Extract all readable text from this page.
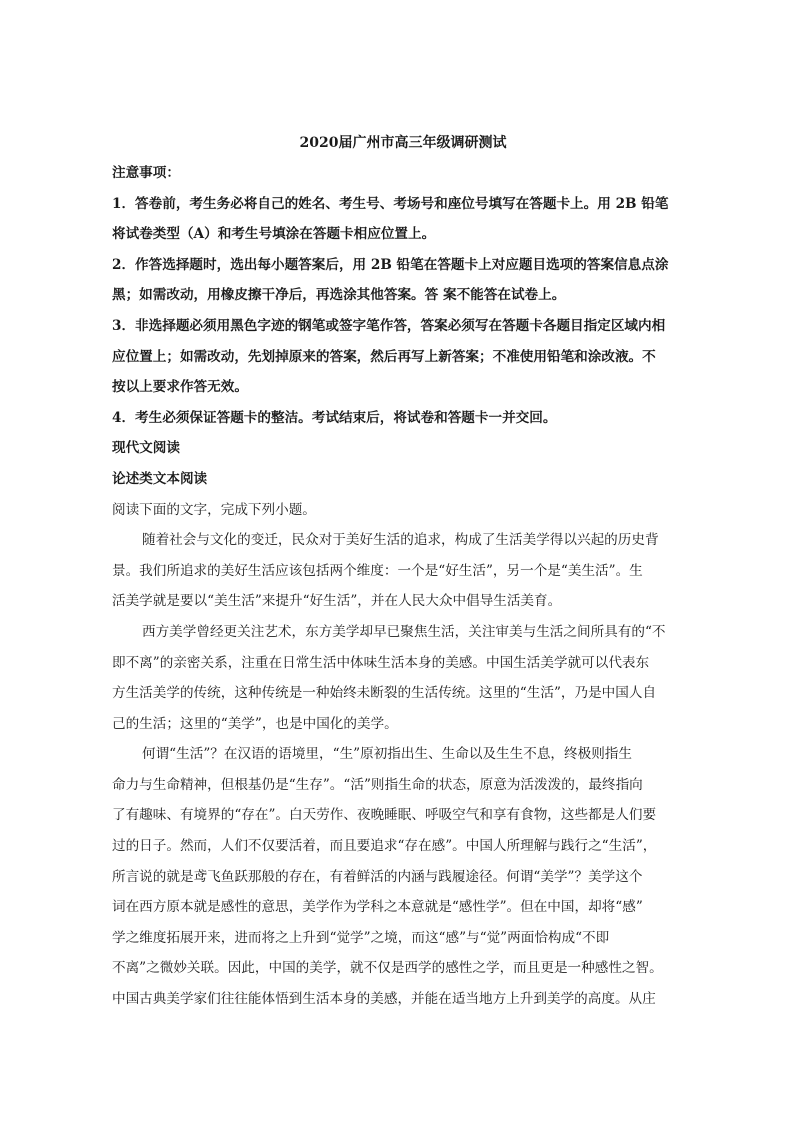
2020届广州市高三年级调研测试
注意事项：
1．答卷前，考生务必将自己的姓名、考生号、考场号和座位号填写在答题卡上。用 2B 铅笔
将试卷类型（A）和考生号填涂在答题卡相应位置上。
2．作答选择题时，选出每小题答案后，用 2B 铅笔在答题卡上对应题目选项的答案信息点涂
黑；如需改动，用橡皮擦干净后，再选涂其他答案。答 案不能答在试卷上。
3．非选择题必须用黑色字迹的钢笔或签字笔作答，答案必须写在答题卡各题目指定区域内相
应位置上；如需改动，先划掉原来的答案，然后再写上新答案；不准使用铅笔和涂改液。不
按以上要求作答无效。
4．考生必须保证答题卡的整洁。考试结束后，将试卷和答题卡一并交回。
现代文阅读
论述类文本阅读
阅读下面的文字，完成下列小题。
随着社会与文化的变迁，民众对于美好生活的追求，构成了生活美学得以兴起的历史背
景。我们所追求的美好生活应该包括两个维度：一个是“好生活”，另一个是“美生活”。生
活美学就是要以“美生活”来提升“好生活”，并在人民大众中倡导生活美育。
西方美学曾经更关注艺术，东方美学却早已聚焦生活，关注审美与生活之间所具有的“不
即不离”的亲密关系，注重在日常生活中体味生活本身的美感。中国生活美学就可以代表东
方生活美学的传统，这种传统是一种始终未断裂的生活传统。这里的“生活”，乃是中国人自
己的生活；这里的“美学”，也是中国化的美学。
何谓“生活”？在汉语的语境里，“生”原初指出生、生命以及生生不息，终极则指生
命力与生命精神，但根基仍是“生存”。“活”则指生命的状态，原意为活泼泼的，最终指向
了有趣味、有境界的“存在”。白天劳作、夜晚睡眠、呼吸空气和享有食物，这些都是人们要
过的日子。然而，人们不仅要活着，而且要追求“存在感”。中国人所理解与践行之“生活”，
所言说的就是鸢飞鱼跃那般的存在，有着鲜活的内涵与践履途径。何谓“美学”？美学这个
词在西方原本就是感性的意思，美学作为学科之本意就是“感性学”。但在中国，却将“感”
学之维度拓展开来，进而将之上升到“觉学”之境，而这“感”与“觉”两面恰构成“不即
不离”之微妙关联。因此，中国的美学，就不仅是西学的感性之学，而且更是一种感性之智。
中国古典美学家们往往能体悟到生活本身的美感，并能在适当地方上升到美学的高度。从庄
